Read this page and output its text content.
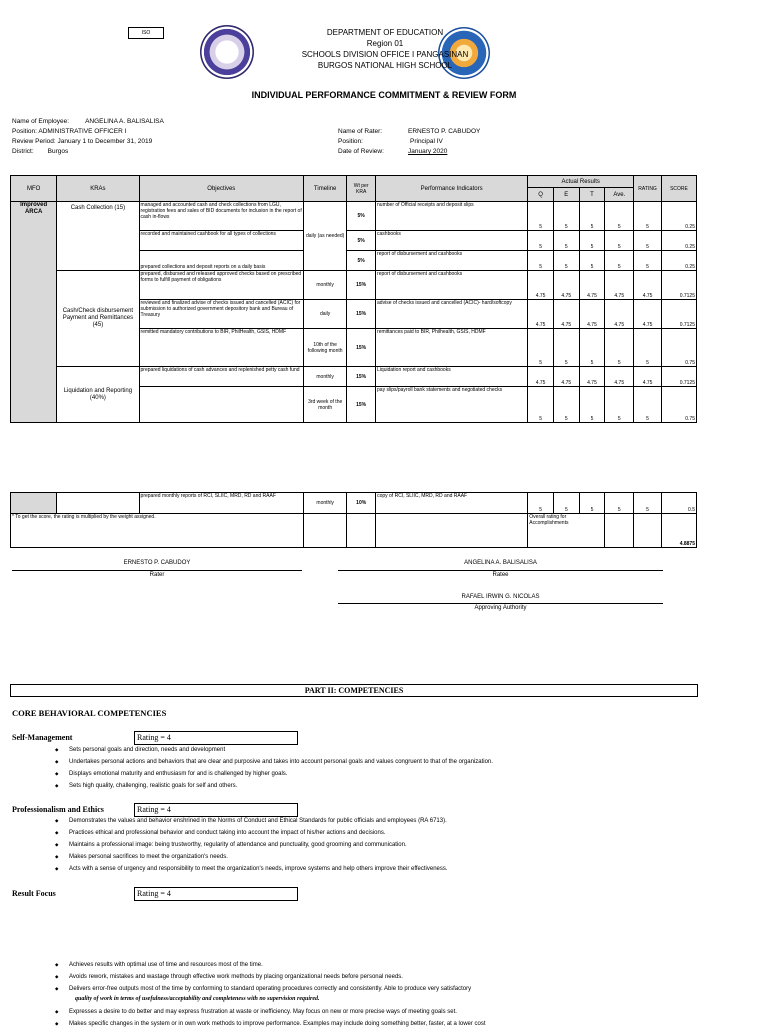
ISO	DEPARTMENT OF EDUCATION
Region 01
SCHOOLS DIVISION OFFICE I PANGASINAN
BURGOS NATIONAL HIGH SCHOOL
INDIVIDUAL PERFORMANCE COMMITMENT & REVIEW FORM
Name of Employee: ANGELINA A. BALISALISA
Position: ADMINISTRATIVE OFFICER I
Review Period: January 1 to December 31, 2019
District: Burgos
Name of Rater:	ERNESTO P. CABUDOY
Position:	Principal IV
Date of Review:	January 2020
MFO	KRAs	Objectives	Timeline	Wt per KRA	Performance Indicators	Actual Results				RATING	SCORE
						Q	E	T	Ave.		
Improved ARCA	Cash Collection (15)	managed and accounted cash and check collections from LGU, registration fees and sales of BID documents for inclusion in the report of cash in-flows	daily (as needed)	5%	number of Official receipts and deposit slips	5	5	5	5	5	0.25
		recorded and maintained cashbook for all types of collections		5%	cashbooks	5	5	5	5	5	0.25
		prepared collections and deposit reports on a daily basis		5%	report of disbursement and cashbooks	5	5	5	5	5	0.25
	Cash/Check disbursement Payment and Remittances (45)	prepared, disbursed and released approved checks based on prescribed forms to fulfill payment of obligations	monthly	15%	report of disbursement and cashbooks	4.75	4.75	4.75	4.75	4.75	0.7125
		reviewed and finalized advise of checks issued and cancelled (ACIC) for submission to authorized government depository bank and Bureau of Treasury	daily	15%	advise of checks issued and cancelled (ACIC)- hard/softcopy	4.75	4.75	4.75	4.75	4.75	0.7125
		remitted mandatory contributions to BIR, PhilHealth, GSIS, HDMF	10th of the following month	15%	remittances paid to BIR, Philhealth, GSIS, HDMF	5	5	5	5	5	0.75
	Liquidation and Reporting (40%)	prepared liquidations of cash advances and replenished petty cash fund	monthly	15%	Liquidation report and cashbooks	4.75	4.75	4.75	4.75	4.75	0.7125
			3rd week of the month	15%	pay slips/payroll bank statements and negotiated checks	5	5	5	5	5	0.75
		prepared monthly reports of RCI, SLIIC, MRD, RD and RAAF	monthly	10%	copy of RCI, SLIIC, MRD, RD and RAAF	5	5	5	5	5	0.5
* To get the score, the rating is multiplied by the weight assigned.						Overall rating for Accomplishments					4.8875
ERNESTO P. CABUDOY
Rater
ANGELINA A. BALISALISA
Ratee
RAFAEL IRWIN G. NICOLAS
Approving Authority
PART II: COMPETENCIES
CORE BEHAVIORAL COMPETENCIES
Self-Management	Rating = 4
◆ Sets personal goals and direction, needs and development
◆ Undertakes personal actions and behaviors that are clear and purposive and takes into account personal goals and values congruent to that of the organization.
◆ Displays emotional maturity and enthusiasm for and is challenged by higher goals.
◆ Sets high quality, challenging, realistic goals for self and others.
Professionalism and Ethics	Rating = 4
◆ Demonstrates the values and behavior enshrined in the Norms of Conduct and Ethical Standards for public officials and employees (RA 6713).
◆ Practices ethical and professional behavior and conduct taking into account the impact of his/her actions and decisions.
◆ Maintains a professional image: being trustworthy, regularity of attendance and punctuality, good grooming and communication.
◆ Makes personal sacrifices to meet the organization's needs.
◆ Acts with a sense of urgency and responsibility to meet the organization's needs, improve systems and help others improve their effectiveness.
Result Focus	Rating = 4
◆ Achieves results with optimal use of time and resources most of the time.
◆ Avoids rework, mistakes and wastage through effective work methods by placing organizational needs before personal needs.
◆ Delivers error-free outputs most of the time by conforming to standard operating procedures correctly and consistently. Able to produce very satisfactory
quality of work in terms of usefulness/acceptability and completeness with no supervision required.
◆ Expresses a desire to do better and may express frustration at waste or inefficiency. May focus on new or more precise ways of meeting goals set.
◆ Makes specific changes in the system or in own work methods to improve performance. Examples may include doing something better, faster, at a lower cost
